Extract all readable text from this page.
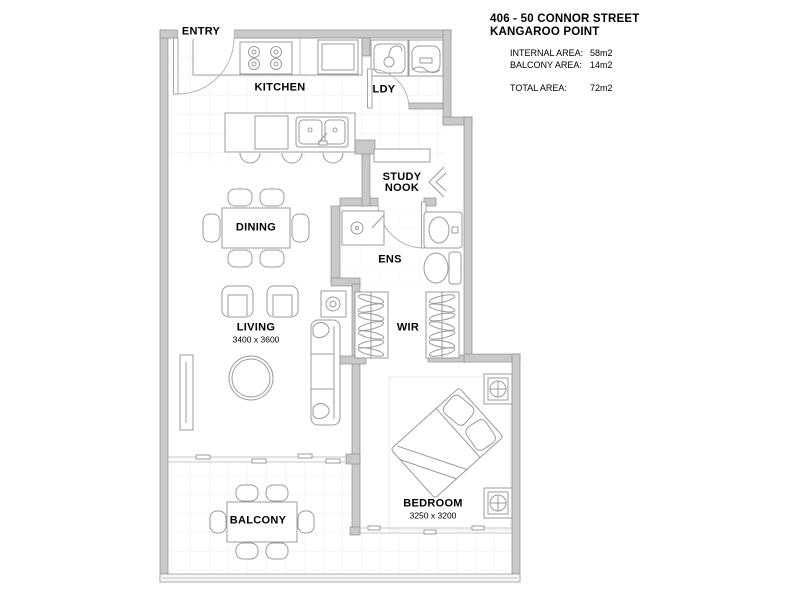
ENTRY
KITCHEN	LDY
STUDY NOOK
DINING
ENS
LIVING
3400 x 3600
WIR
BEDROOM
3250 x 3200
BALCONY
406 - 50 CONNOR STREET
KANGAROO POINT
INTERNAL AREA: 58m2
BALCONY AREA: 14m2
TOTAL AREA:	72m2
